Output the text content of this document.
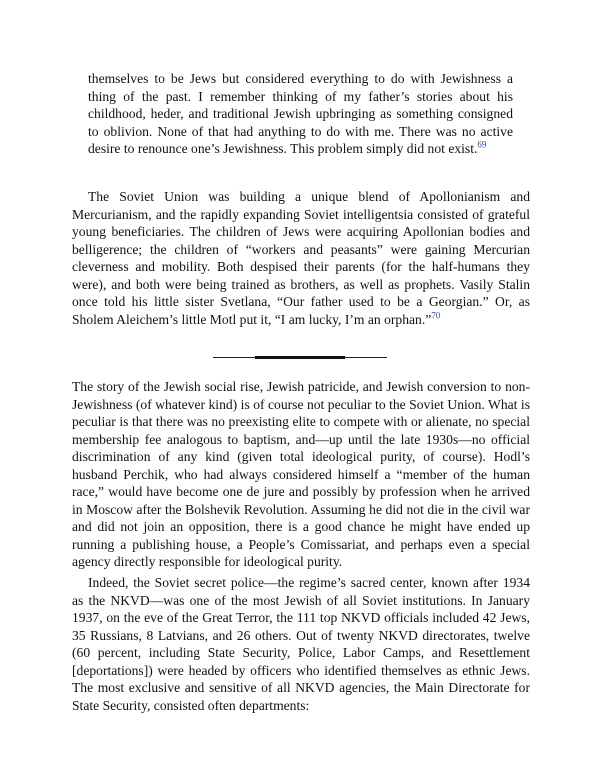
themselves to be Jews but considered everything to do with Jewishness a thing of the past. I remember thinking of my father’s stories about his childhood, heder, and traditional Jewish upbringing as something consigned to oblivion. None of that had anything to do with me. There was no active desire to renounce one’s Jewishness. This problem simply did not exist.$^{69}$

The Soviet Union was building a unique blend of Apollonianism and Mercurianism, and the rapidly expanding Soviet intelligentsia consisted of grateful young beneficiaries. The children of Jews were acquiring Apollonian bodies and belligerence; the children of “workers and peasants” were gaining Mercurian cleverness and mobility. Both despised their parents (for the half-humans they were), and both were being trained as brothers, as well as prophets. Vasily Stalin once told his little sister Svetlana, “Our father used to be a Georgian.” Or, as Sholem Aleichem’s little Motl put it, “I am lucky, I’m an orphan.”$^{70}$

The story of the Jewish social rise, Jewish patricide, and Jewish conversion to non-Jewishness (of whatever kind) is of course not peculiar to the Soviet Union. What is peculiar is that there was no preexisting elite to compete with or alienate, no special membership fee analogous to baptism, and—up until the late 1930s—no official discrimination of any kind (given total ideological purity, of course). Hodl’s husband Perchik, who had always considered himself a “member of the human race,” would have become one de jure and possibly by profession when he arrived in Moscow after the Bolshevik Revolution. Assuming he did not die in the civil war and did not join an opposition, there is a good chance he might have ended up running a publishing house, a People’s Comissariat, and perhaps even a special agency directly responsible for ideological purity.

Indeed, the Soviet secret police—the regime’s sacred center, known after 1934 as the NKVD—was one of the most Jewish of all Soviet institutions. In January 1937, on the eve of the Great Terror, the 111 top NKVD officials included 42 Jews, 35 Russians, 8 Latvians, and 26 others. Out of twenty NKVD directorates, twelve (60 percent, including State Security, Police, Labor Camps, and Resettlement [deportations]) were headed by officers who identified themselves as ethnic Jews. The most exclusive and sensitive of all NKVD agencies, the Main Directorate for State Security, consisted often departments:
